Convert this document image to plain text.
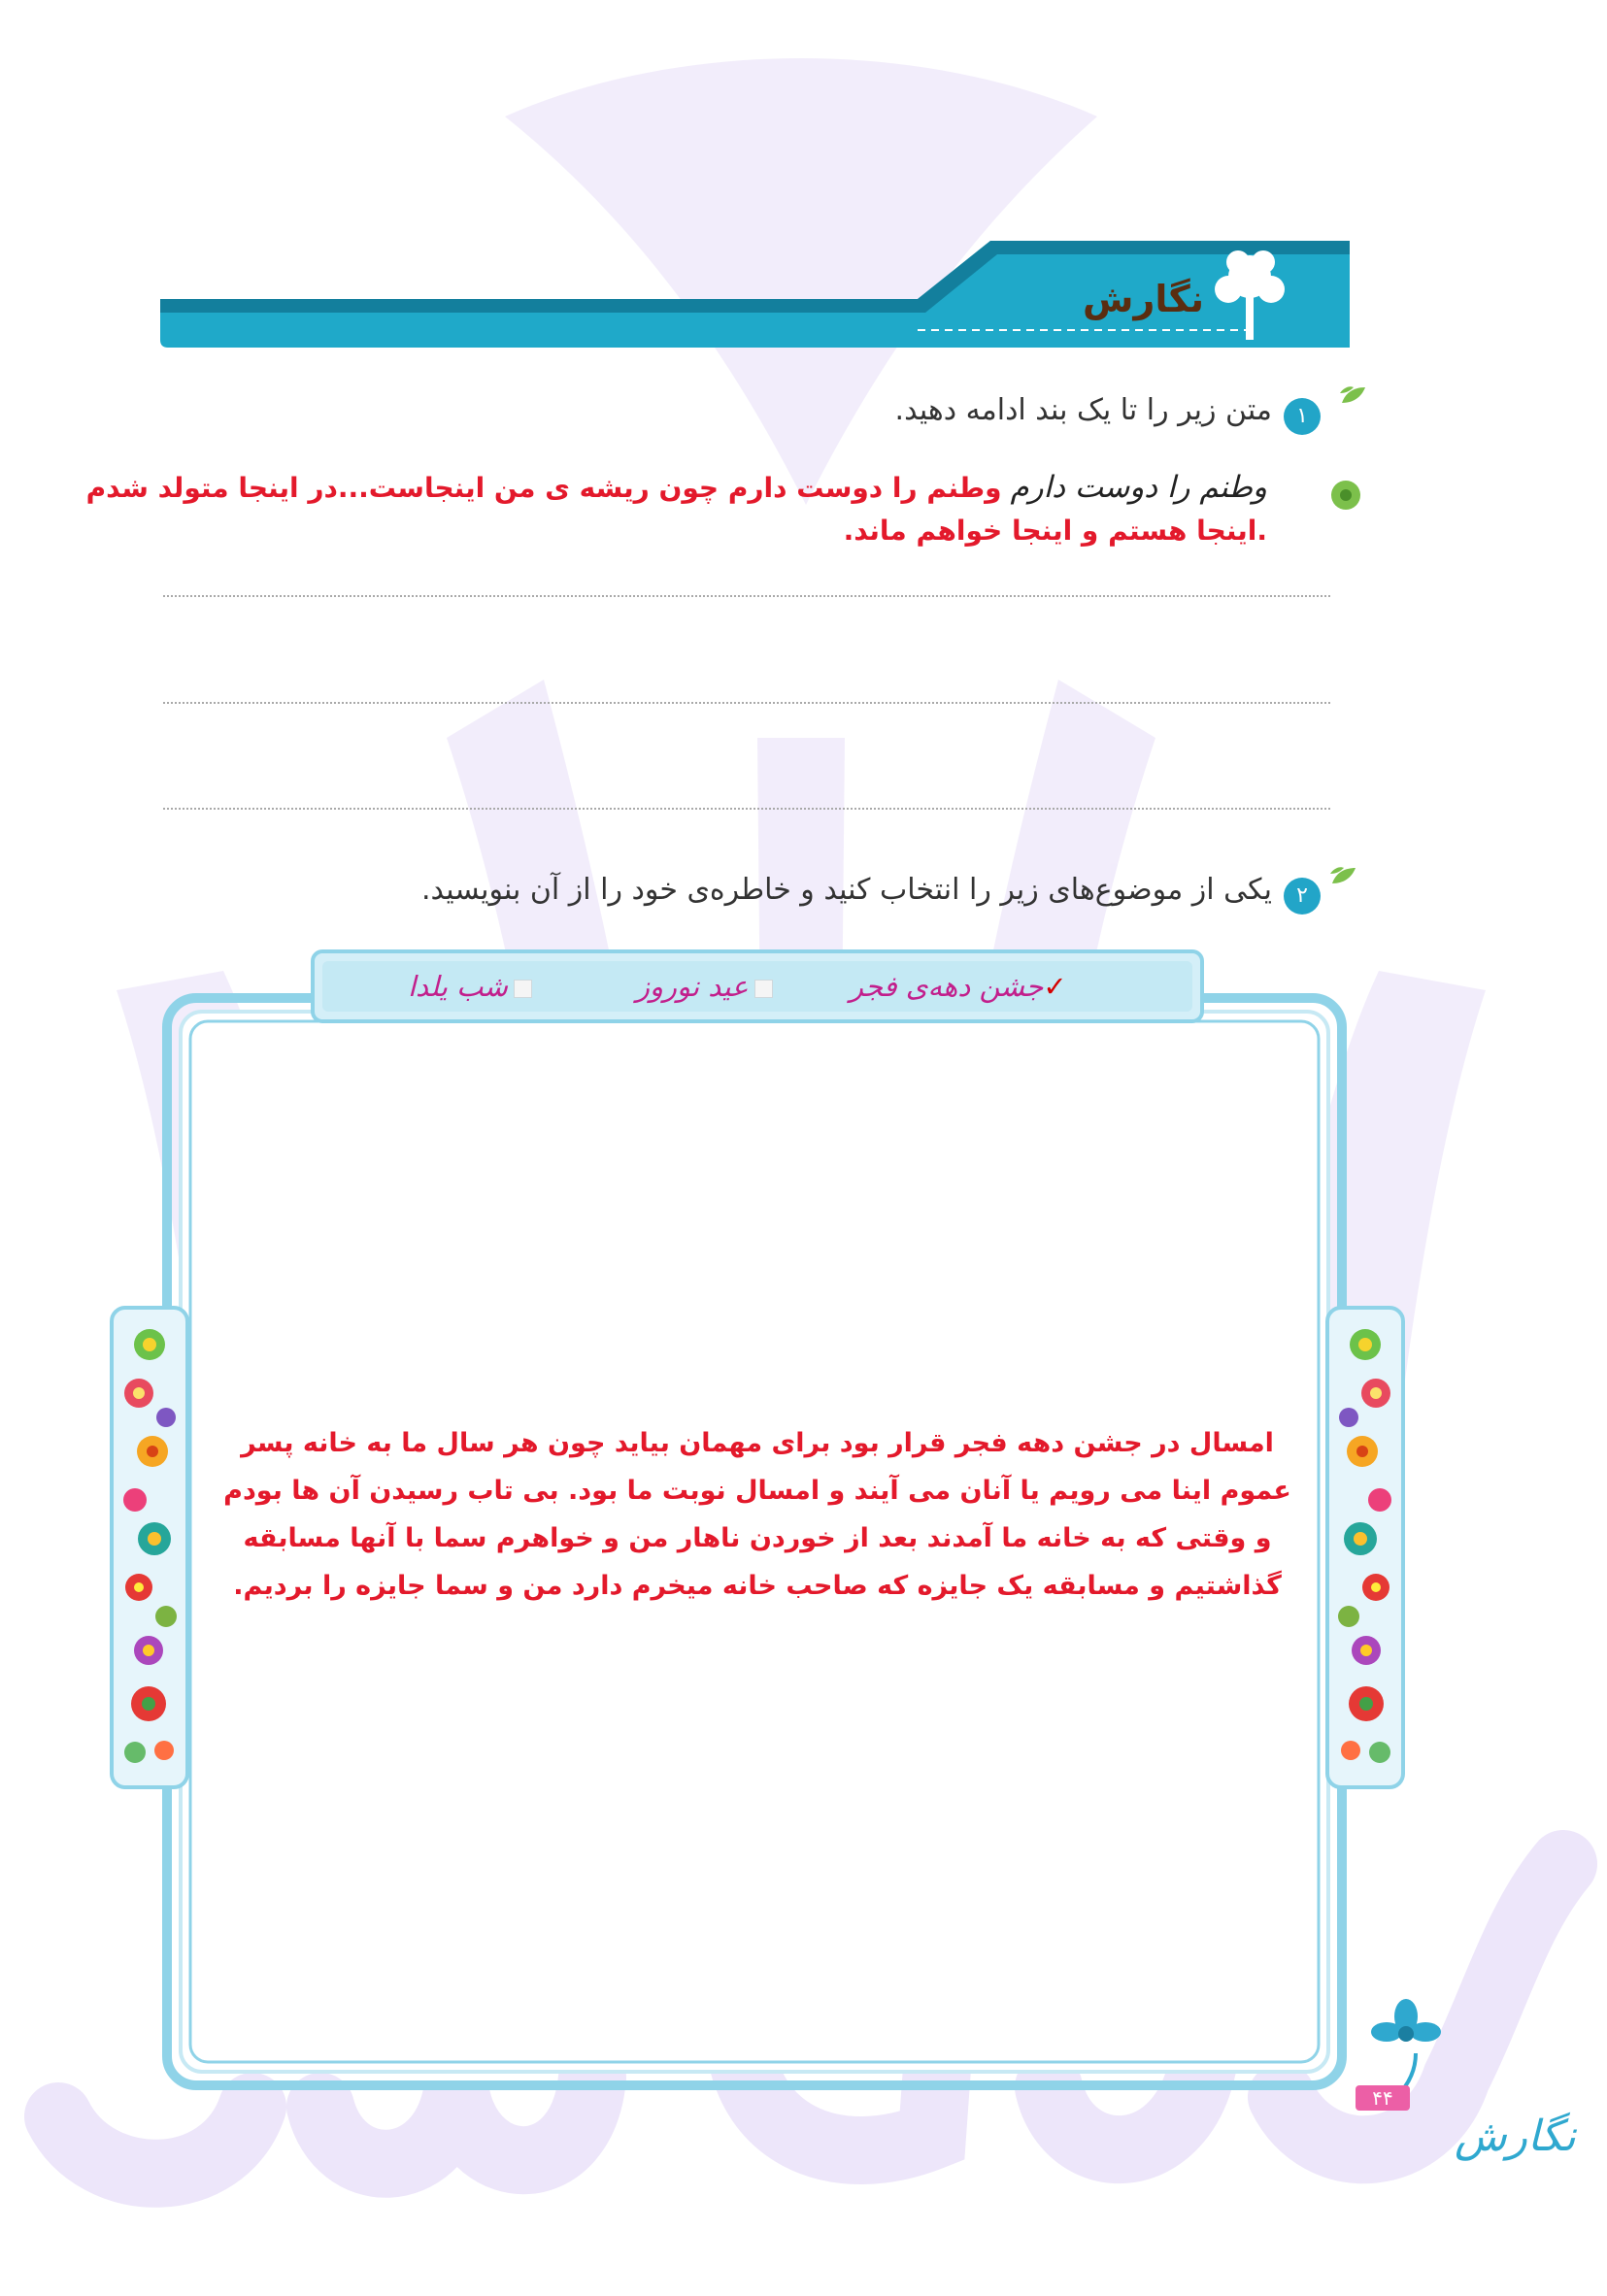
نگارش
۱
متن زیر را تا یک بند ادامه دهید.
وطنم را دوست دارم وطنم را دوست دارم چون ریشه ی من اینجاست...در اینجا متولد شدم .اینجا هستم و اینجا خواهم ماند.
۲
یکی از موضوع‌های زیر را انتخاب کنید و خاطره‌ی خود را از آن بنویسید.
✓جشن دهه‌ی فجر
عید نوروز
شب یلدا
امسال در جشن دهه فجر قرار بود برای مهمان بیاید چون هر سال ما به خانه پسر عموم اینا می رویم یا آنان می آیند و امسال نوبت ما بود. بی تاب رسیدن آن ها بودم و وقتی که به خانه ما آمدند بعد از خوردن ناهار من و خواهرم سما با آنها مسابقه گذاشتیم و مسابقه یک جایزه که صاحب خانه میخرم دارد من و سما جایزه را بردیم.
نگارش
۴۴
